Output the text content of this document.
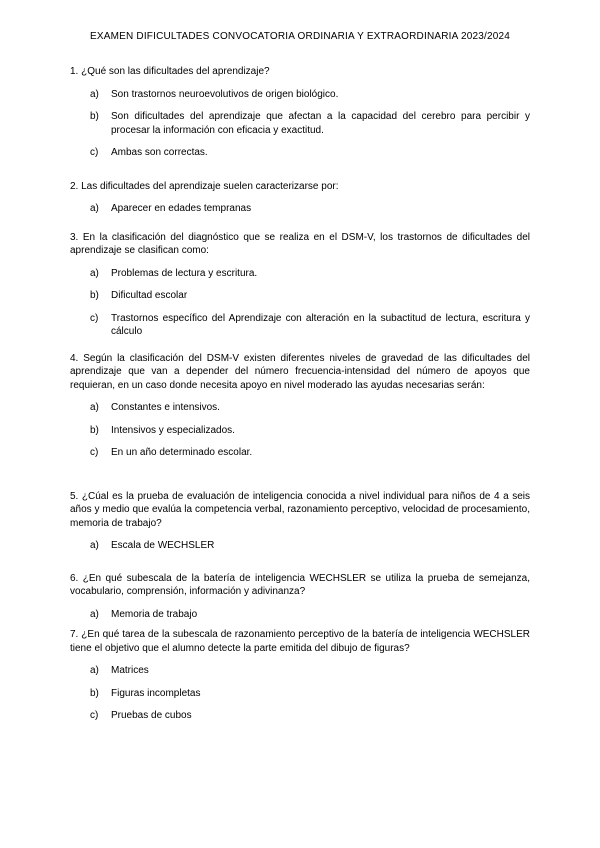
EXAMEN DIFICULTADES CONVOCATORIA ORDINARIA Y EXTRAORDINARIA 2023/2024
1. ¿Qué son las dificultades del aprendizaje?
a)	Son trastornos neuroevolutivos de origen biológico.
b)	Son dificultades del aprendizaje que afectan a la capacidad del cerebro para percibir y procesar la información con eficacia y exactitud.
c)	Ambas son correctas.
2. Las dificultades del aprendizaje suelen caracterizarse por:
a)	Aparecer en edades tempranas
3. En la clasificación del diagnóstico que se realiza en el DSM-V, los trastornos de dificultades del aprendizaje se clasifican como:
a)	Problemas de lectura y escritura.
b)	Dificultad escolar
c)	Trastornos específico del Aprendizaje con alteración en la subactitud de lectura, escritura y cálculo
4. Según la clasificación del DSM-V existen diferentes niveles de gravedad de las dificultades del aprendizaje que van a depender del número frecuencia-intensidad del número de apoyos que requieran, en un caso donde necesita apoyo en nivel moderado las ayudas necesarias serán:
a)	Constantes e intensivos.
b)	Intensivos y especializados.
c)	En un año determinado escolar.
5. ¿Cúal es la prueba de evaluación de inteligencia conocida a nivel individual para niños de 4 a seis años y medio que evalúa la competencia verbal, razonamiento perceptivo, velocidad de procesamiento, memoria de trabajo?
a)	Escala de WECHSLER
6. ¿En qué subescala de la batería de inteligencia WECHSLER se utiliza la prueba de semejanza, vocabulario, comprensión, información y adivinanza?
a)	Memoria de trabajo
7. ¿En qué tarea de la subescala de razonamiento perceptivo de la batería de inteligencia WECHSLER tiene el objetivo que el alumno detecte la parte emitida del dibujo de figuras?
a)	Matrices
b)	Figuras incompletas
c)	Pruebas de cubos
